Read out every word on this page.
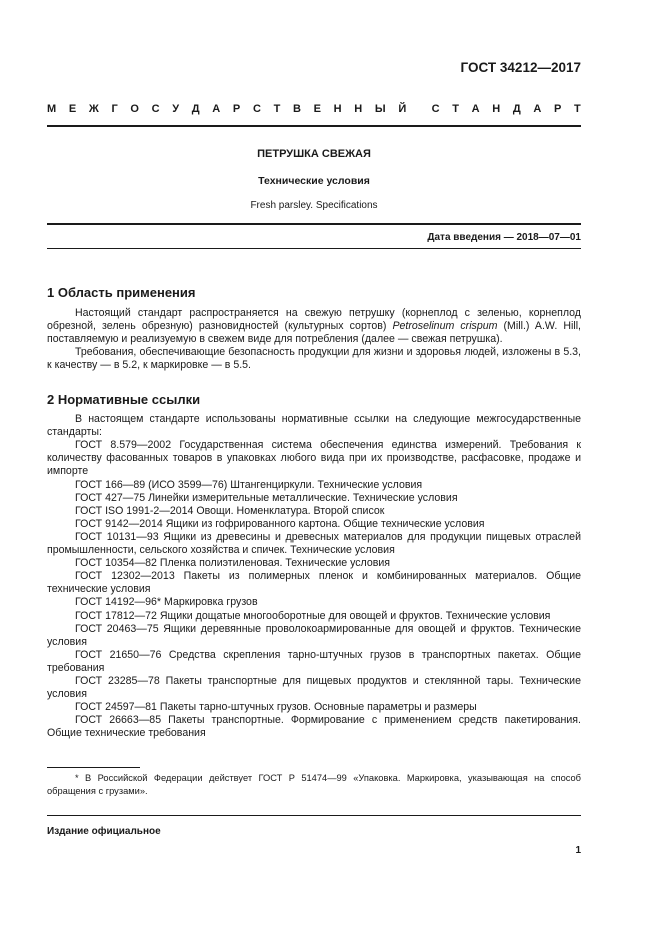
ГОСТ 34212—2017
М Е Ж Г О С У Д А Р С Т В Е Н Н Ы Й С Т А Н Д А Р Т
ПЕТРУШКА СВЕЖАЯ
Технические условия
Fresh parsley. Specifications
Дата введения — 2018—07—01
1 Область применения

Настоящий стандарт распространяется на свежую петрушку (корнеплод с зеленью, корнеплод обрезной, зелень обрезную) разновидностей (культурных сортов) Petroselinum crispum (Mill.) A.W. Hill, поставляемую и реализуемую в свежем виде для потребления (далее — свежая петрушка).

Требования, обеспечивающие безопасность продукции для жизни и здоровья людей, изложены в 5.3, к качеству — в 5.2, к маркировке — в 5.5.

2 Нормативные ссылки

В настоящем стандарте использованы нормативные ссылки на следующие межгосударственные стандарты:

ГОСТ 8.579—2002 Государственная система обеспечения единства измерений. Требования к количеству фасованных товаров в упаковках любого вида при их производстве, расфасовке, продаже и импорте

ГОСТ 166—89 (ИСО 3599—76) Штангенциркули. Технические условия

ГОСТ 427—75 Линейки измерительные металлические. Технические условия

ГОСТ ISO 1991-2—2014 Овощи. Номенклатура. Второй список

ГОСТ 9142—2014 Ящики из гофрированного картона. Общие технические условия

ГОСТ 10131—93 Ящики из древесины и древесных материалов для продукции пищевых отраслей промышленности, сельского хозяйства и спичек. Технические условия

ГОСТ 10354—82 Пленка полиэтиленовая. Технические условия

ГОСТ 12302—2013 Пакеты из полимерных пленок и комбинированных материалов. Общие технические условия

ГОСТ 14192—96* Маркировка грузов

ГОСТ 17812—72 Ящики дощатые многооборотные для овощей и фруктов. Технические условия

ГОСТ 20463—75 Ящики деревянные проволокоармированные для овощей и фруктов. Технические условия

ГОСТ 21650—76 Средства скрепления тарно-штучных грузов в транспортных пакетах. Общие требования

ГОСТ 23285—78 Пакеты транспортные для пищевых продуктов и стеклянной тары. Технические условия

ГОСТ 24597—81 Пакеты тарно-штучных грузов. Основные параметры и размеры

ГОСТ 26663—85 Пакеты транспортные. Формирование с применением средств пакетирования. Общие технические требования

* В Российской Федерации действует ГОСТ Р 51474—99 «Упаковка. Маркировка, указывающая на способ обращения с грузами».

Издание официальное
1
